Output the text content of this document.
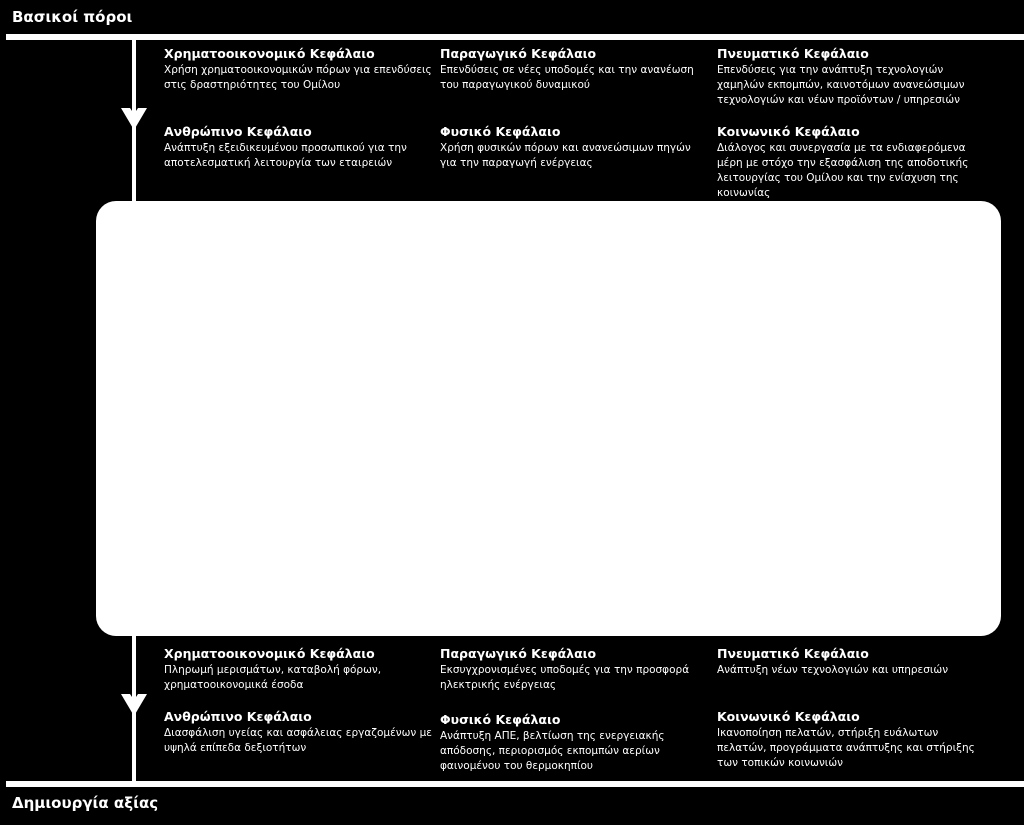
Βασικοί πόροι
Χρηματοοικονομικό Κεφάλαιο

Χρήση χρηματοοικονομικών πόρων για επενδύσεις στις δραστηριότητες του Ομίλου

Παραγωγικό Κεφάλαιο

Επενδύσεις σε νέες υποδομές και την ανανέωση του παραγωγικού δυναμικού

Πνευματικό Κεφάλαιο

Επενδύσεις για την ανάπτυξη τεχνολογιών χαμηλών εκπομπών, καινοτόμων ανανεώσιμων τεχνολογιών και νέων προϊόντων / υπηρεσιών

Ανθρώπινο Κεφάλαιο

Ανάπτυξη εξειδικευμένου προσωπικού για την αποτελεσματική λειτουργία των εταιρειών

Φυσικό Κεφάλαιο

Χρήση φυσικών πόρων και ανανεώσιμων πηγών για την παραγωγή ενέργειας

Κοινωνικό Κεφάλαιο

Διάλογος και συνεργασία με τα ενδιαφερόμενα μέρη με στόχο την εξασφάλιση της αποδοτικής λειτουργίας του Ομίλου και την ενίσχυση της κοινωνίας

Χρηματοοικονομικό Κεφάλαιο

Πληρωμή μερισμάτων, καταβολή φόρων, χρηματοοικονομικά έσοδα

Παραγωγικό Κεφάλαιο

Εκσυγχρονισμένες υποδομές για την προσφορά ηλεκτρικής ενέργειας

Πνευματικό Κεφάλαιο

Ανάπτυξη νέων τεχνολογιών και υπηρεσιών

Ανθρώπινο Κεφάλαιο

Διασφάλιση υγείας και ασφάλειας εργαζομένων με υψηλά επίπεδα δεξιοτήτων

Φυσικό Κεφάλαιο

Ανάπτυξη ΑΠΕ, βελτίωση της ενεργειακής απόδοσης, περιορισμός εκπομπών αερίων φαινομένου του θερμοκηπίου

Κοινωνικό Κεφάλαιο

Ικανοποίηση πελατών, στήριξη ευάλωτων πελατών, προγράμματα ανάπτυξης και στήριξης των τοπικών κοινωνιών

Δημιουργία αξίας
